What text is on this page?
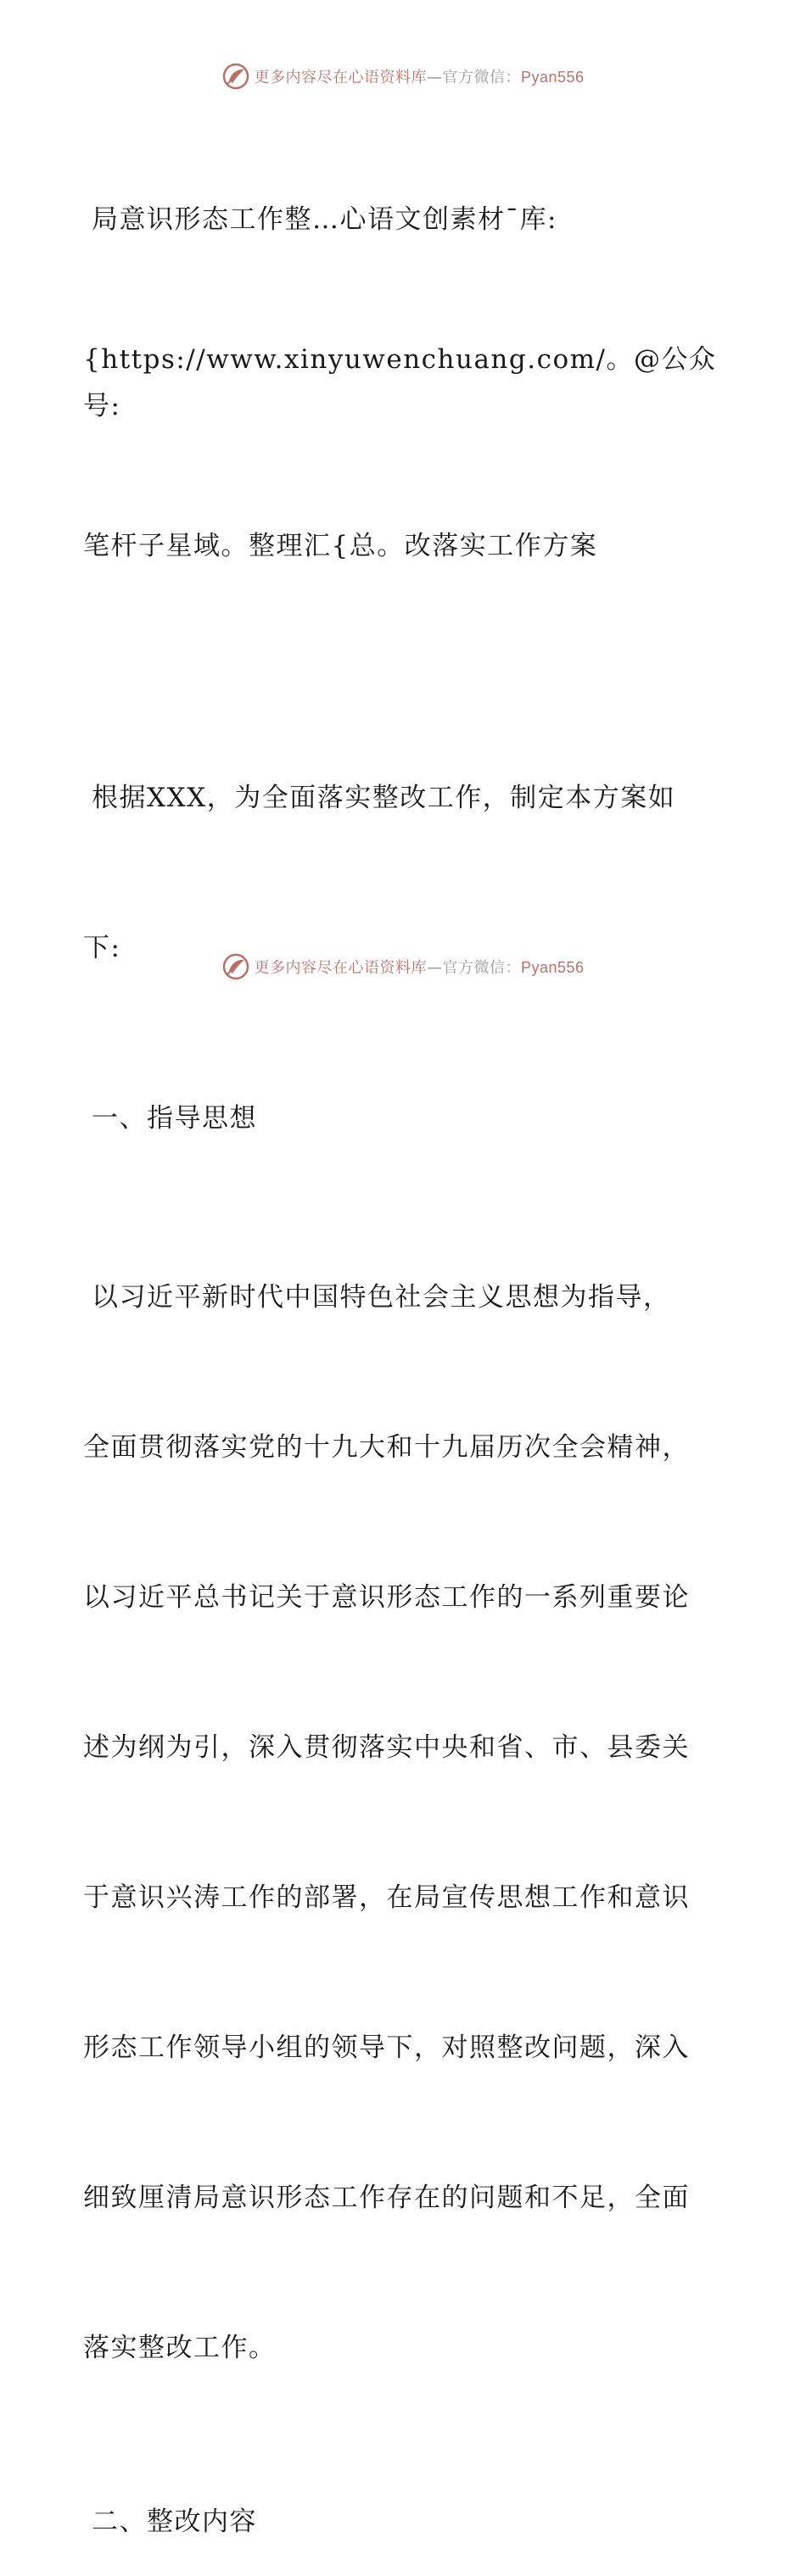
更多内容尽在心语资料库—官方微信：Pyan556

局意识形态工作整…心语文创素材¯库:

{https://www.xinyuwenchuang.com/。@公众号:

笔杆子星域。整理汇{总。改落实工作方案

根据XXX，为全面落实整改工作，制定本方案如

下:

一、指导思想

以习近平新时代中国特色社会主义思想为指导，

全面贯彻落实党的十九大和十九届历次全会精神，

以习近平总书记关于意识形态工作的一系列重要论

述为纲为引，深入贯彻落实中央和省、市、县委关

于意识兴涛工作的部署，在局宣传思想工作和意识

形态工作领导小组的领导下，对照整改问题，深入

细致厘清局意识形态工作存在的问题和不足，全面

落实整改工作。

二、整改内容
更多内容尽在心语资料库—官方微信：Pyan556
